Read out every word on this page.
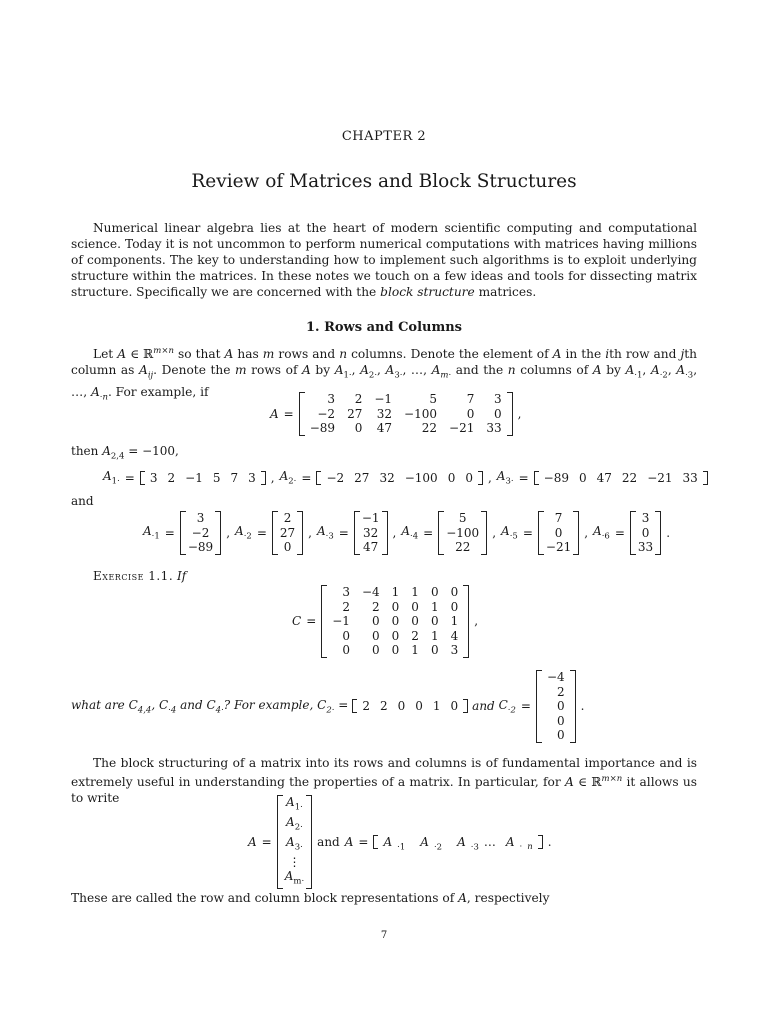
CHAPTER 2
Review of Matrices and Block Structures
Numerical linear algebra lies at the heart of modern scientific computing and computational science. Today it is not uncommon to perform numerical computations with matrices having millions of components. The key to understanding how to implement such algorithms is to exploit underlying structure within the matrices. In these notes we touch on a few ideas and tools for dissecting matrix structure. Specifically we are concerned with the block structure matrices.
1. Rows and Columns
Let A ∈ ℝ$^{m\times n}$ so that A has m rows and n columns. Denote the element of A in the ith row and jth column as $A_{ij}$. Denote the m rows of A by $A_{1\cdot}$, $A_{2\cdot}$, $A_{3\cdot}$, …, $A_{m\cdot}$ and the n columns of A by $A_{\cdot 1}$, $A_{\cdot 2}$, $A_{\cdot 3}$, …, $A_{\cdot n}$. For example, if
A =
3	2	−1	5	7	3
−2	27	32	−100	0	0
−89	0	47	22	−21	33
,
then $A_{2,4} = -100$,
$A_{1\cdot}$ =	3 2 −1 5 7 3	, $A_{2\cdot}$ =	−2 27 32 −100 0 0	, $A_{3\cdot}$ =	−89 0 47 22 −21 33
and
$A_{\cdot 1}$ =
3
−2
−89
, $A_{\cdot 2}$ =
2
27
0
, $A_{\cdot 3}$ =
−1
32
47
, $A_{\cdot 4}$ =
5
−100
22
, $A_{\cdot 5}$ =
7
0
−21
, $A_{\cdot 6}$ =
3
0
33
.
Exercise 1.1. If
C =
3	−4	1	1	0	0
2	2	0	0	1	0
−1	0	0	0	0	1
0	0	0	2	1	4
0	0	0	1	0	3
,
what are $C_{4,4}$, $C_{\cdot 4}$ and $C_{4\cdot}$? For example, $C_{2\cdot}$ =	2 2 0 0 1 0	and
$C_{\cdot 2}$ =
−4
2
0
0
0
.
The block structuring of a matrix into its rows and columns is of fundamental importance and is extremely useful in understanding the properties of a matrix. In particular, for A ∈ ℝ$^{m\times n}$ it allows us to write
A =
$A_{1\cdot}$
$A_{2\cdot}$
$A_{3\cdot}$
⋮
$A_{m\cdot}$
and A =	A $_{\cdot 1}$ A $_{\cdot 2}$ A $_{\cdot 3}$ … A $_{\cdot n}$	.
These are called the row and column block representations of A, respectively
7
